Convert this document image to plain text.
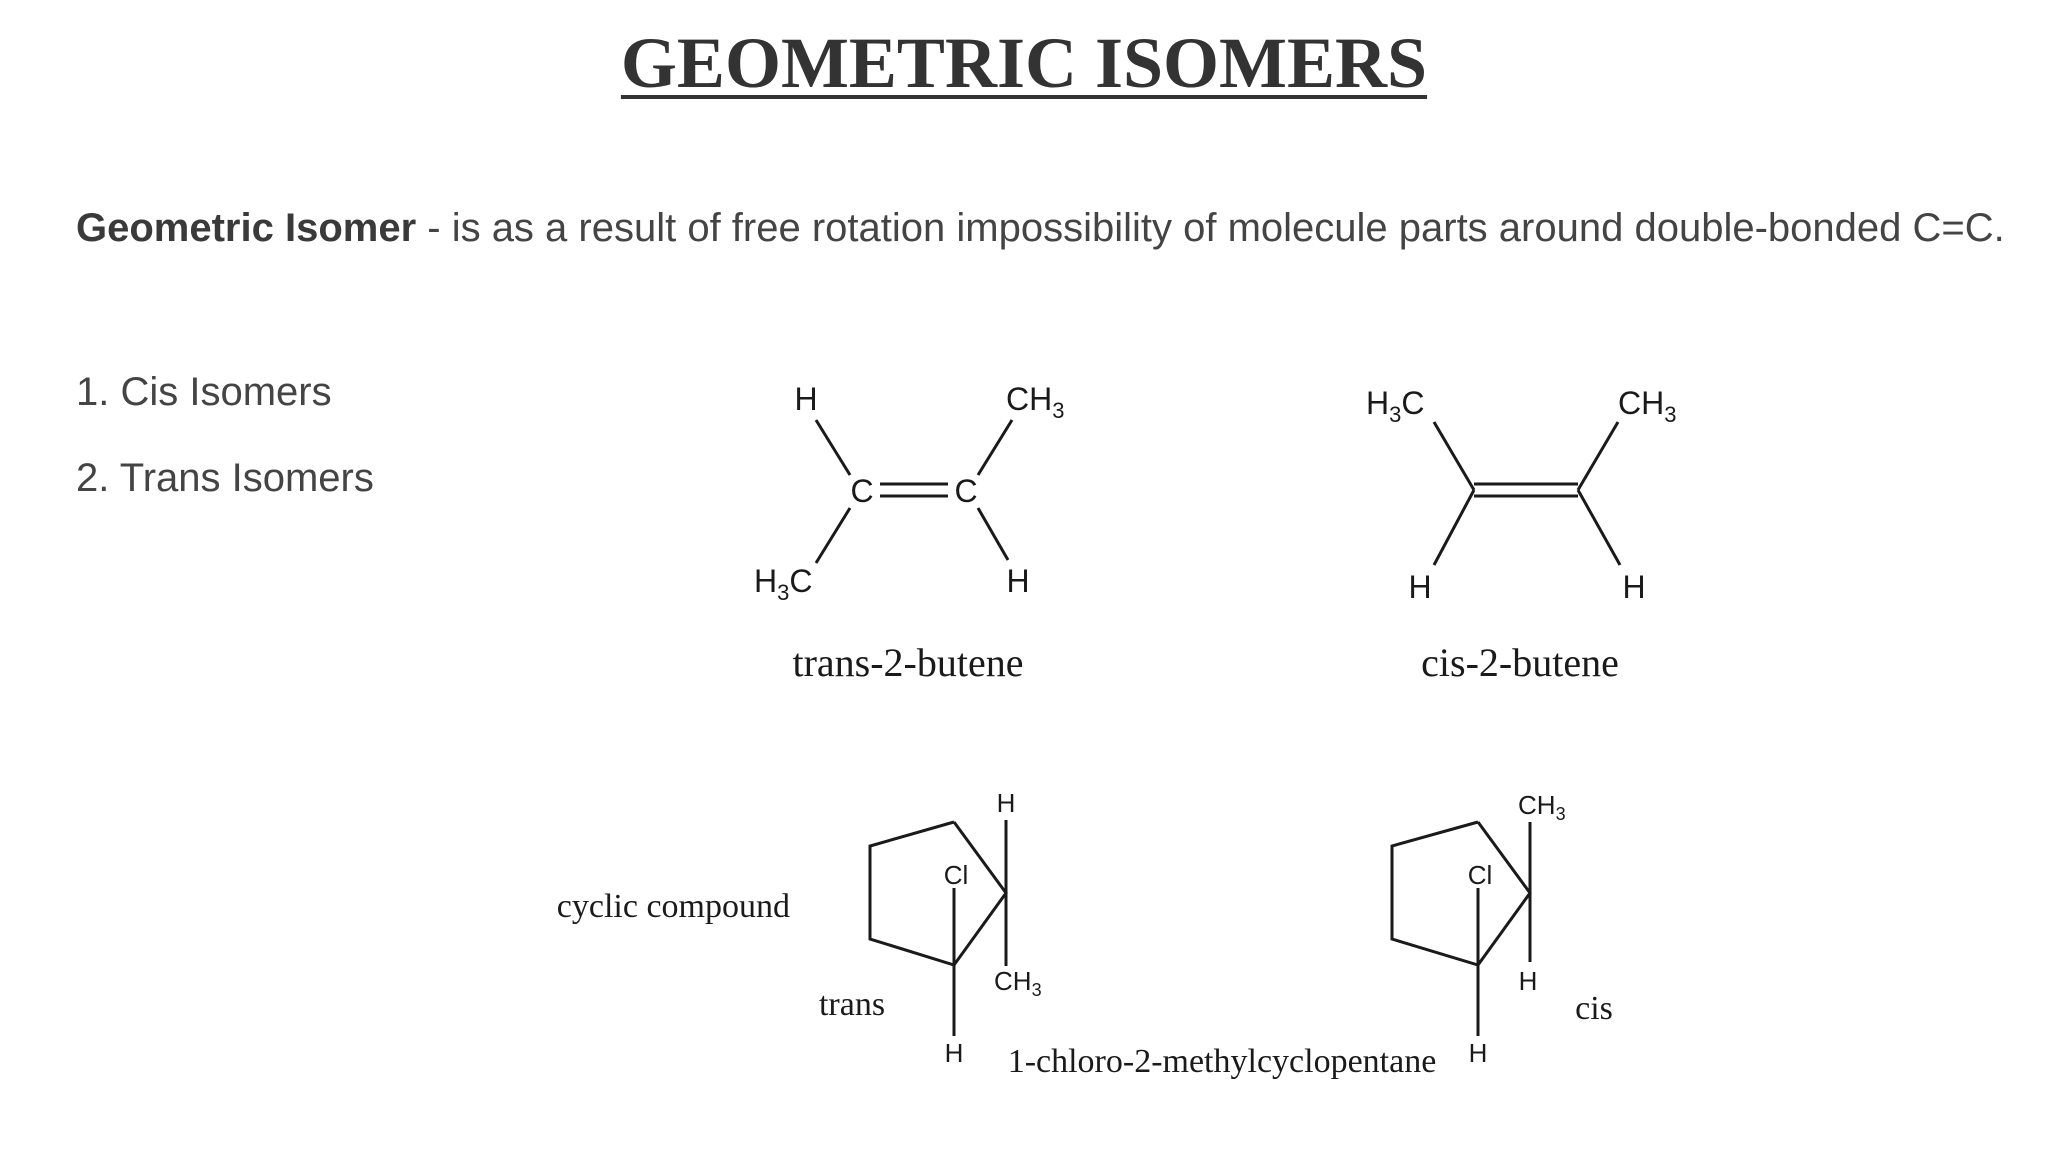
GEOMETRIC ISOMERS
Geometric Isomer - is as a result of free rotation impossibility of molecule parts around double-bonded C=C.
1. Cis Isomers
2. Trans Isomers
H	$CH_3$
C	C
$H_3C$	H
trans-2-butene
$H_3C$	$CH_3$
H	H
cis-2-butene
H
Cl
$CH_3$
H
cyclic compound
trans
$CH_3$
Cl
H
H
cis
1-chloro-2-methylcyclopentane
